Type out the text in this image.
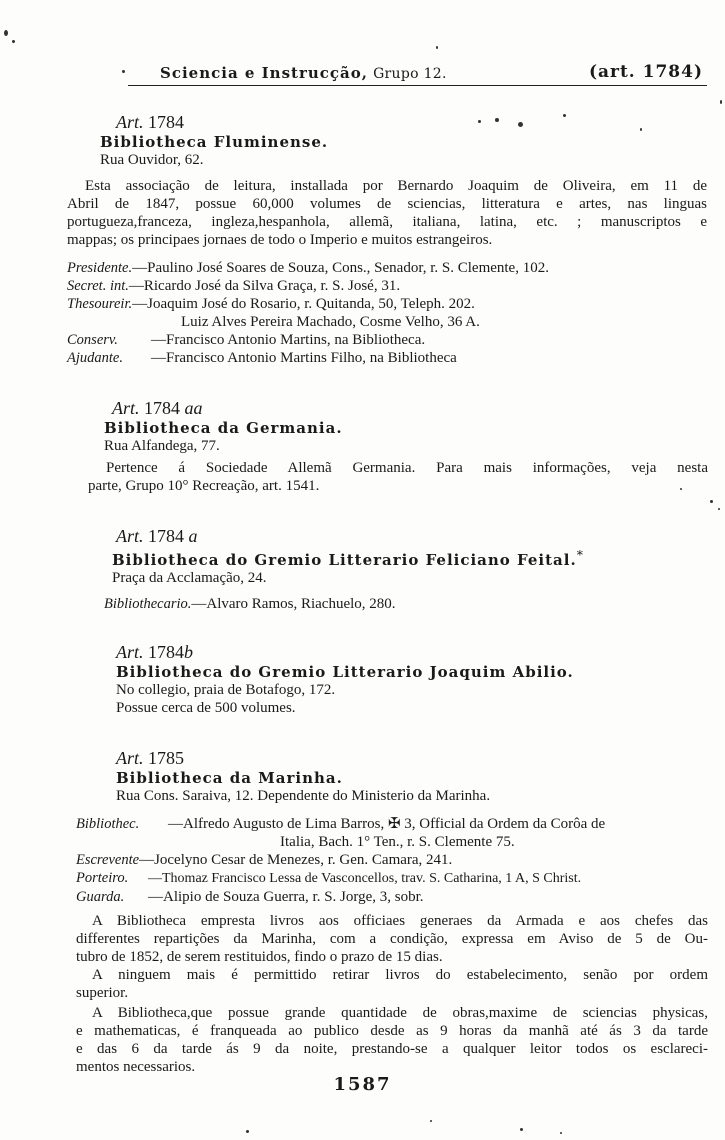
Sciencia e Instrucção, Grupo 12.	(art. 1784)
Art. 1784
Bibliotheca Fluminense.
Rua Ouvidor, 62.
Esta associação de leitura, installada por Bernardo Joaquim de Oliveira, em 11 de
Abril de 1847, possue 60,000 volumes de sciencias, litteratura e artes, nas linguas
portugueza,franceza, ingleza,hespanhola, allemã, italiana, latina, etc. ; manuscriptos e
mappas; os principaes jornaes de todo o Imperio e muitos estrangeiros.
Presidente.—Paulino José Soares de Souza, Cons., Senador, r. S. Clemente, 102.
Secret. int.—Ricardo José da Silva Graça, r. S. José, 31.
Thesoureir.—Joaquim José do Rosario, r. Quitanda, 50, Teleph. 202.
Luiz Alves Pereira Machado, Cosme Velho, 36 A.
Conserv. —Francisco Antonio Martins, na Bibliotheca.
Ajudante. —Francisco Antonio Martins Filho, na Bibliotheca
Art. 1784 aa
Bibliotheca da Germania.
Rua Alfandega, 77.
Pertence á Sociedade Allemã Germania. Para mais informações, veja nesta
parte, Grupo 10° Recreação, art. 1541.
Art. 1784 a
Bibliotheca do Gremio Litterario Feliciano Feital.*
Praça da Acclamação, 24.
Bibliothecario.—Alvaro Ramos, Riachuelo, 280.
Art. 1784b
Bibliotheca do Gremio Litterario Joaquim Abilio.
No collegio, praia de Botafogo, 172.
Possue cerca de 500 volumes.
Art. 1785
Bibliotheca da Marinha.
Rua Cons. Saraiva, 12. Dependente do Ministerio da Marinha.
Bibliothec. —Alfredo Augusto de Lima Barros, ✠ 3, Official da Ordem da Corôa de
Italia, Bach. 1° Ten., r. S. Clemente 75.
Escrevente—Jocelyno Cesar de Menezes, r. Gen. Camara, 241.
Porteiro. —Thomaz Francisco Lessa de Vasconcellos, trav. S. Catharina, 1 A, S Christ.
Guarda. —Alipio de Souza Guerra, r. S. Jorge, 3, sobr.
A Bibliotheca empresta livros aos officiaes generaes da Armada e aos chefes das
differentes repartições da Marinha, com a condição, expressa em Aviso de 5 de Ou-
tubro de 1852, de serem restituidos, findo o prazo de 15 dias.
A ninguem mais é permittido retirar livros do estabelecimento, senão por ordem
superior.
A Bibliotheca,que possue grande quantidade de obras,maxime de sciencias physicas,
e mathematicas, é franqueada ao publico desde as 9 horas da manhã até ás 3 da tarde
e das 6 da tarde ás 9 da noite, prestando-se a qualquer leitor todos os esclareci-
mentos necessarios.
1587
